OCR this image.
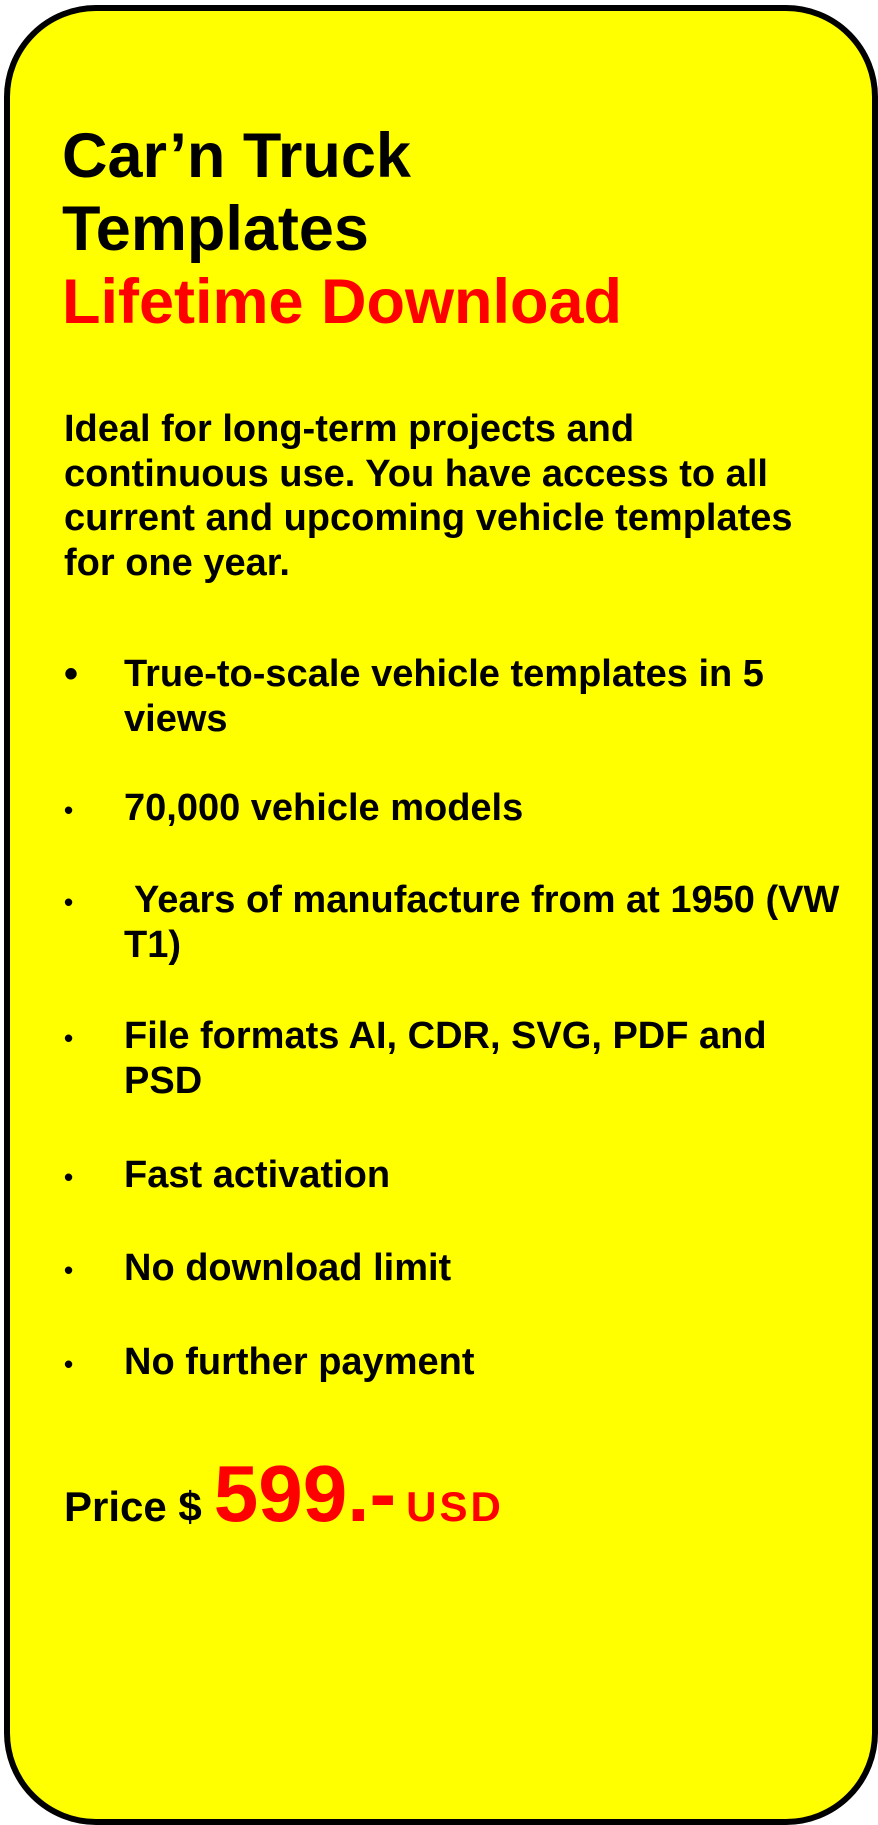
Car’n Truck
Templates
Lifetime Download

Ideal for long-term projects and continuous use. You have access to all current and upcoming vehicle templates for one year.

•	True-to-scale vehicle templates in 5 views
•	70,000 vehicle models
•	Years of manufacture from at 1950 (VW T1)
•	File formats AI, CDR, SVG, PDF and PSD
•	Fast activation
•	No download limit
•	No further payment
Price $ 599.- USD
